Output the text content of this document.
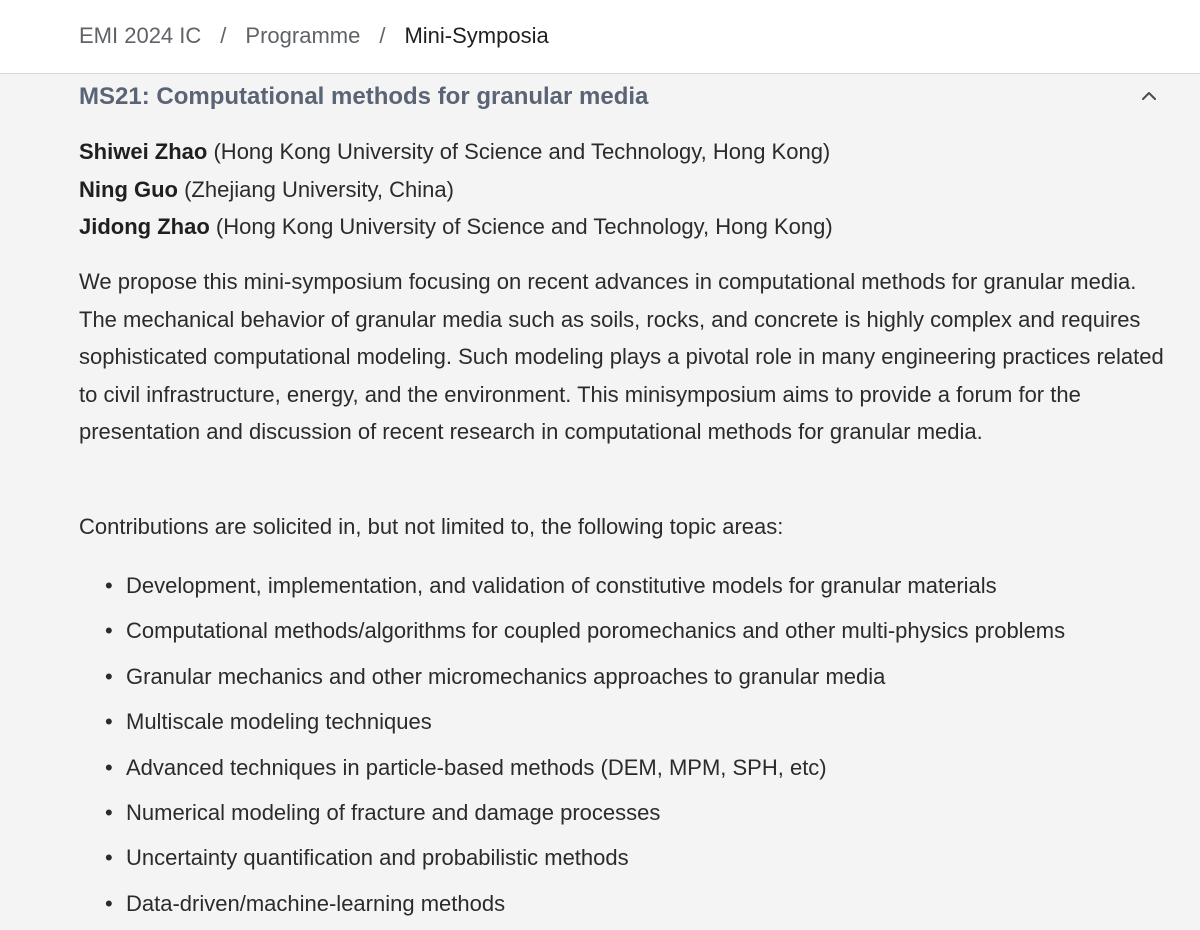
EMI 2024 IC / Programme / Mini-Symposia
MS21: Computational methods for granular media
Shiwei Zhao (Hong Kong University of Science and Technology, Hong Kong)
Ning Guo (Zhejiang University, China)
Jidong Zhao (Hong Kong University of Science and Technology, Hong Kong)

We propose this mini-symposium focusing on recent advances in computational methods for granular media. The mechanical behavior of granular media such as soils, rocks, and concrete is highly complex and requires sophisticated computational modeling. Such modeling plays a pivotal role in many engineering practices related to civil infrastructure, energy, and the environment. This minisymposium aims to provide a forum for the presentation and discussion of recent research in computational methods for granular media.

Contributions are solicited in, but not limited to, the following topic areas:

• Development, implementation, and validation of constitutive models for granular materials
• Computational methods/algorithms for coupled poromechanics and other multi-physics problems
• Granular mechanics and other micromechanics approaches to granular media
• Multiscale modeling techniques
• Advanced techniques in particle-based methods (DEM, MPM, SPH, etc)
• Numerical modeling of fracture and damage processes
• Uncertainty quantification and probabilistic methods
• Data-driven/machine-learning methods
